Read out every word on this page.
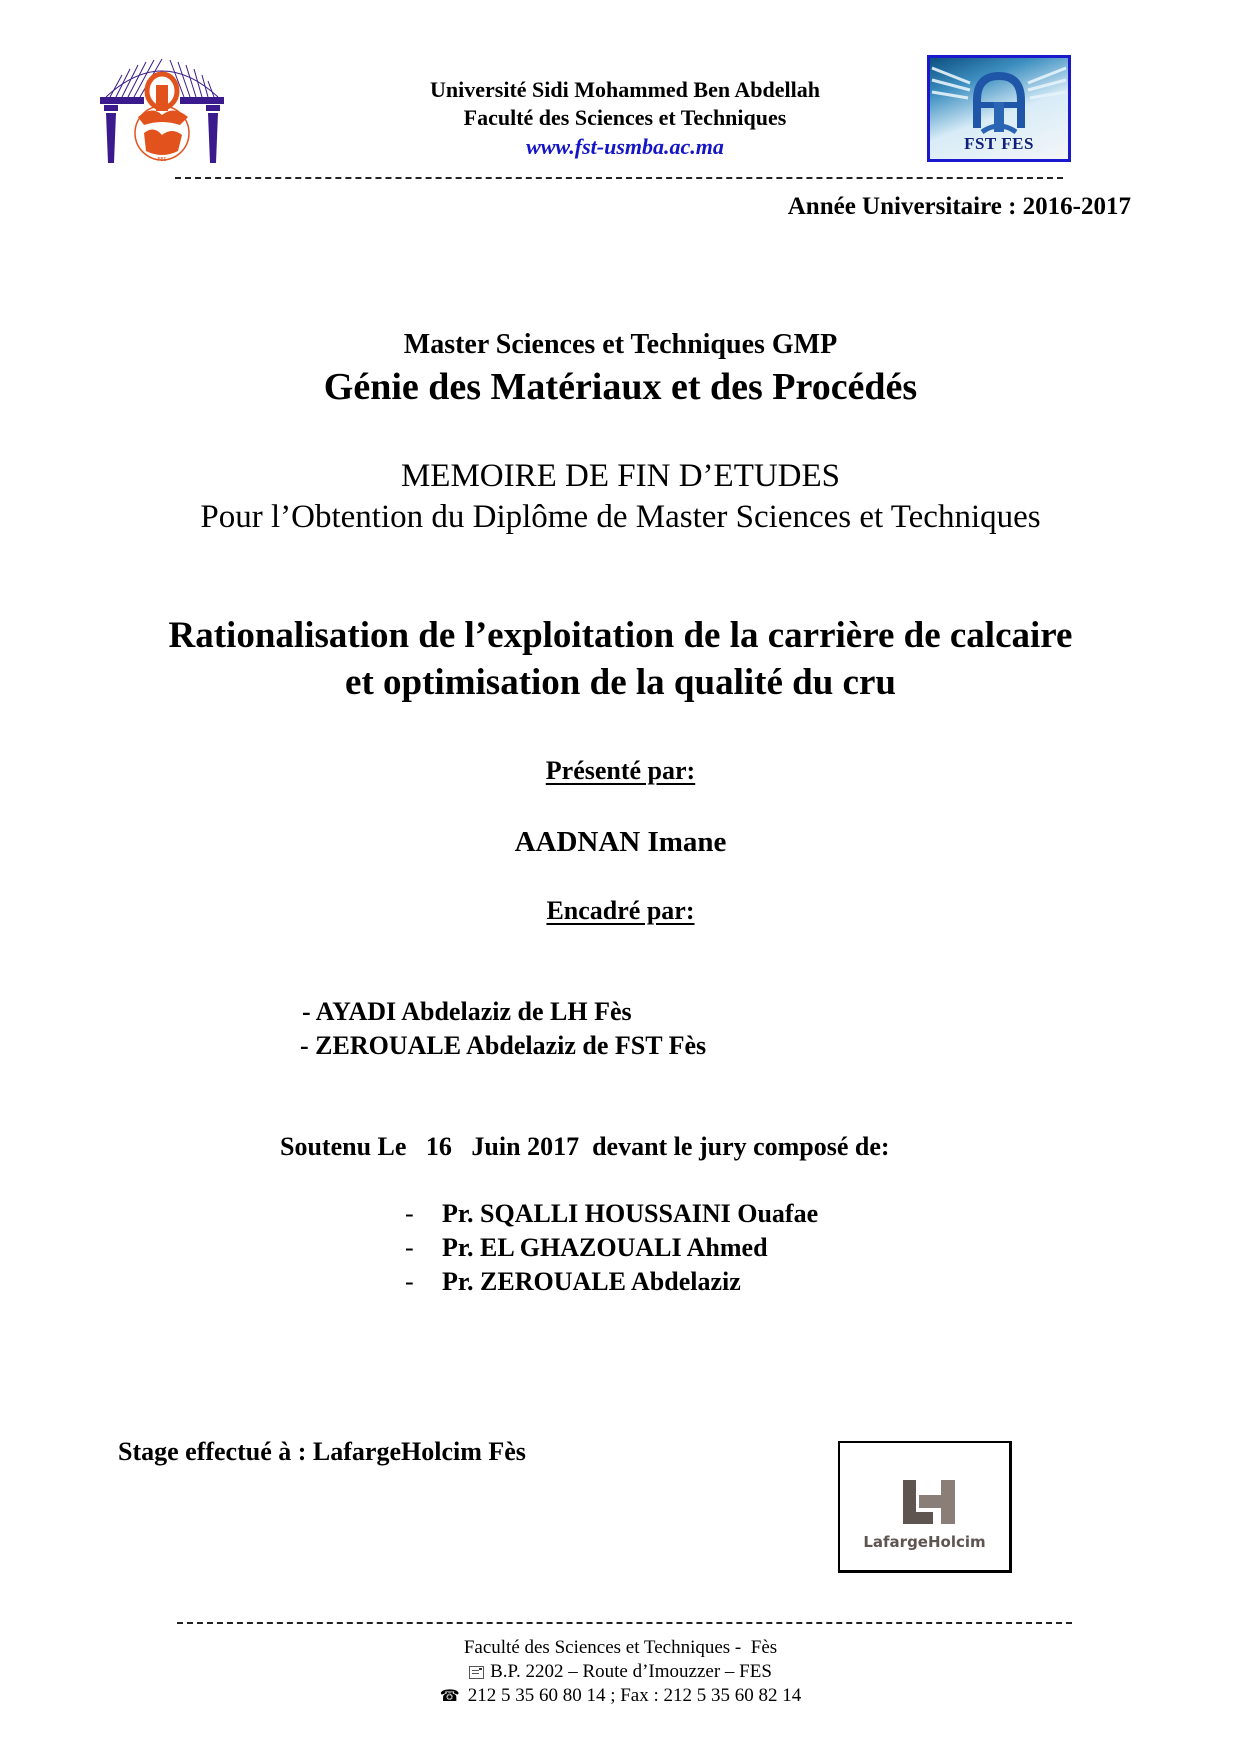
FES
Université Sidi Mohammed Ben Abdellah
Faculté des Sciences et Techniques
www.fst-usmba.ac.ma	FST FES
Année Universitaire : 2016-2017
Master Sciences et Techniques GMP
Génie des Matériaux et des Procédés
MEMOIRE DE FIN D’ETUDES
Pour l’Obtention du Diplôme de Master Sciences et Techniques
Rationalisation de l’exploitation de la carrière de calcaire
et optimisation de la qualité du cru
Présenté par:
AADNAN Imane
Encadré par:
- AYADI Abdelaziz de LH Fès
- ZEROUALE Abdelaziz de FST Fès
Soutenu Le   16   Juin 2017  devant le jury composé de:
- Pr. SQALLI HOUSSAINI Ouafae
- Pr. EL GHAZOUALI Ahmed
- Pr. ZEROUALE Abdelaziz
Stage effectué à : LafargeHolcim Fès
LafargeHolcim
Faculté des Sciences et Techniques -  Fès
B.P. 2202 – Route d’Imouzzer – FES
☎ 212 5 35 60 80 14 ; Fax : 212 5 35 60 82 14
